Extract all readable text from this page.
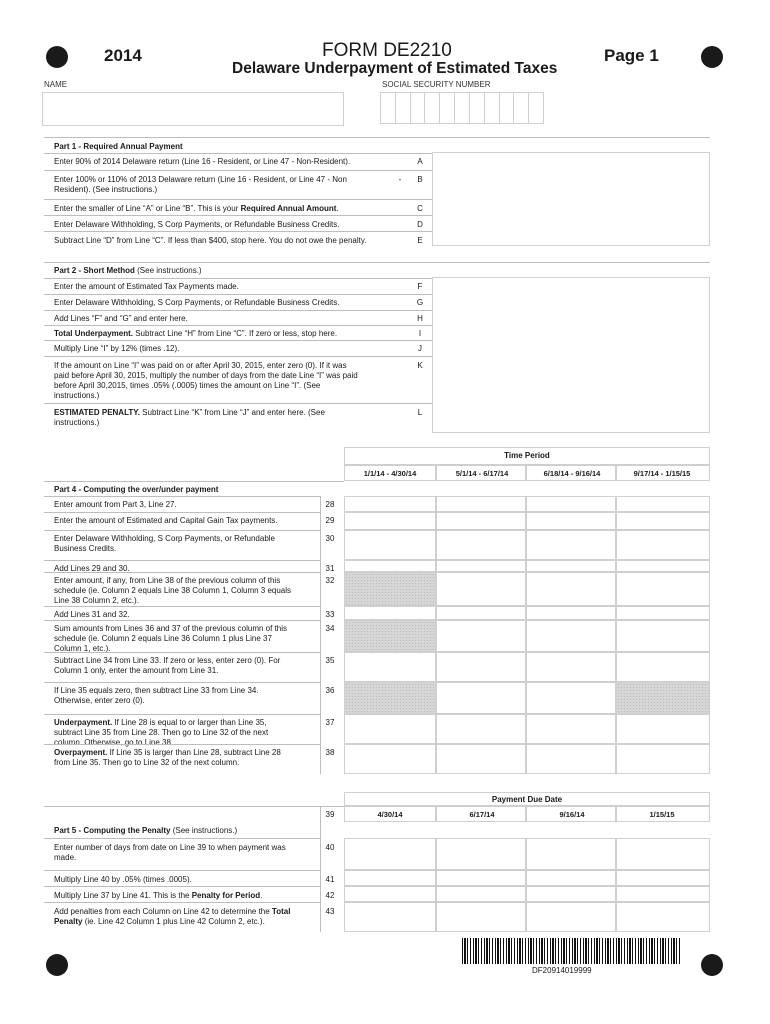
2014	FORM DE2210
Delaware Underpayment of Estimated Taxes
Page 1
NAME	SOCIAL SECURITY NUMBER
Part 1 - Required Annual Payment
Enter 90% of 2014 Delaware return (Line 16 - Resident, or Line 47 - Non-Resident).	A
Enter 100% or 110% of 2013 Delaware return (Line 16 - Resident, or Line 47 - Non
Resident). (See instructions.)
-	B
Enter the smaller of Line “A” or Line “B”. This is your Required Annual Amount.	C
Enter Delaware Withholding, S Corp Payments, or Refundable Business Credits.	D
Subtract Line “D” from Line “C”. If less than $400, stop here. You do not owe the penalty.	E
Part 2 - Short Method (See instructions.)
Enter the amount of Estimated Tax Payments made.	F
Enter Delaware Withholding, S Corp Payments, or Refundable Business Credits.	G
Add Lines “F” and “G” and enter here.	H
Total Underpayment. Subtract Line “H” from Line “C”. If zero or less, stop here.	I
Multiply Line “I” by 12% (times .12).	J
If the amount on Line “I” was paid on or after April 30, 2015, enter zero (0). If it was
paid before April 30, 2015, multiply the number of days from the date Line “I” was paid
before April 30,2015, times .05% (.0005) times the amount on Line “I”. (See
instructions.)
K
ESTIMATED PENALTY. Subtract Line “K” from Line “J” and enter here. (See
instructions.)
L
Time Period
1/1/14 - 4/30/14	5/1/14 - 6/17/14	6/18/14 - 9/16/14	9/17/14 - 1/15/15
Part 4 - Computing the over/under payment
Enter amount from Part 3, Line 27.	28
Enter the amount of Estimated and Capital Gain Tax payments.	29
Enter Delaware Withholding, S Corp Payments, or Refundable
Business Credits.
30
Add Lines 29 and 30.	31
Enter amount, if any, from Line 38 of the previous column of this
schedule (ie. Column 2 equals Line 38 Column 1, Column 3 equals
Line 38 Column 2, etc.).
32
Add Lines 31 and 32.	33
Sum amounts from Lines 36 and 37 of the previous column of this
schedule (ie. Column 2 equals Line 36 Column 1 plus Line 37
Column 1, etc.).
34
Subtract Line 34 from Line 33. If zero or less, enter zero (0). For
Column 1 only, enter the amount from Line 31.
35
If Line 35 equals zero, then subtract Line 33 from Line 34.
Otherwise, enter zero (0).
36
Underpayment. If Line 28 is equal to or larger than Line 35,
subtract Line 35 from Line 28. Then go to Line 32 of the next
column. Otherwise, go to Line 38.
37
Overpayment. If Line 35 is larger than Line 28, subtract Line 28
from Line 35. Then go to Line 32 of the next column.
38
Payment Due Date
39	4/30/14	6/17/14	9/16/14	1/15/15
Part 5 - Computing the Penalty (See instructions.)
Enter number of days from date on Line 39 to when payment was
made.
40
Multiply Line 40 by .05% (times .0005).	41
Multiply Line 37 by Line 41. This is the Penalty for Period.	42
Add penalties from each Column on Line 42 to determine the Total
Penalty (ie. Line 42 Column 1 plus Line 42 Column 2, etc.).
43
DF20914019999
